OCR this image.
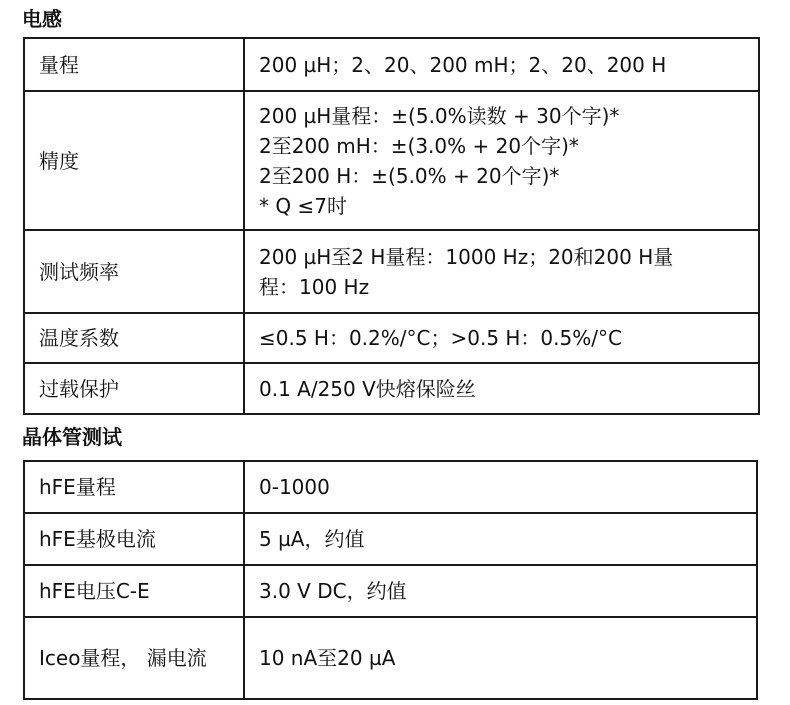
电感
量程	200 µH；2、20、200 mH；2、20、200 H

精度	200 µH量程：±(5.0%读数 + 30个字)*
2至200 mH：±(3.0% + 20个字)*
2至200 H：±(5.0% + 20个字)*
* Q ≤7时

测试频率	200 µH至2 H量程：1000 Hz；20和200 H量
程：100 Hz

温度系数	≤0.5 H：0.2%/°C；>0.5 H：0.5%/°C

过载保护	0.1 A/250 V快熔保险丝
晶体管测试
hFE量程	0-1000

hFE基极电流	5 µA，约值

hFE电压C-E	3.0 V DC，约值

Iceo量程， 漏电流	10 nA至20 µA
